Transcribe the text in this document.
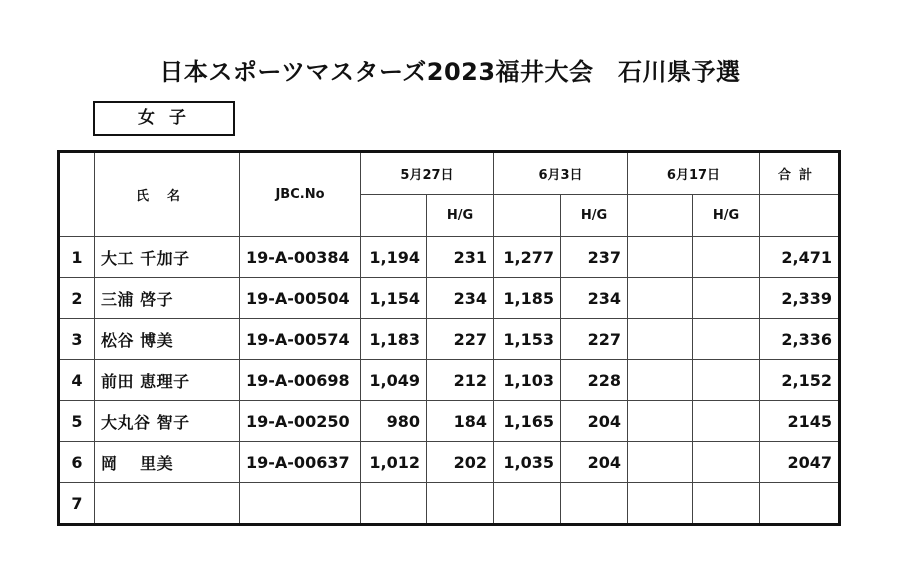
日本スポーツマスターズ2023福井大会　石川県予選
女 子
	氏名	JBC.No	5月27日		6月3日		6月17日		合計
				H/G		H/G		H/G	
1	大工 千加子	19-A-00384	1,194	231	1,277	237			2,471
2	三浦 啓子	19-A-00504	1,154	234	1,185	234			2,339
3	松谷 博美	19-A-00574	1,183	227	1,153	227			2,336
4	前田 恵理子	19-A-00698	1,049	212	1,103	228			2,152
5	大丸谷 智子	19-A-00250	980	184	1,165	204			2145
6	岡　 里美	19-A-00637	1,012	202	1,035	204			2047
7									
